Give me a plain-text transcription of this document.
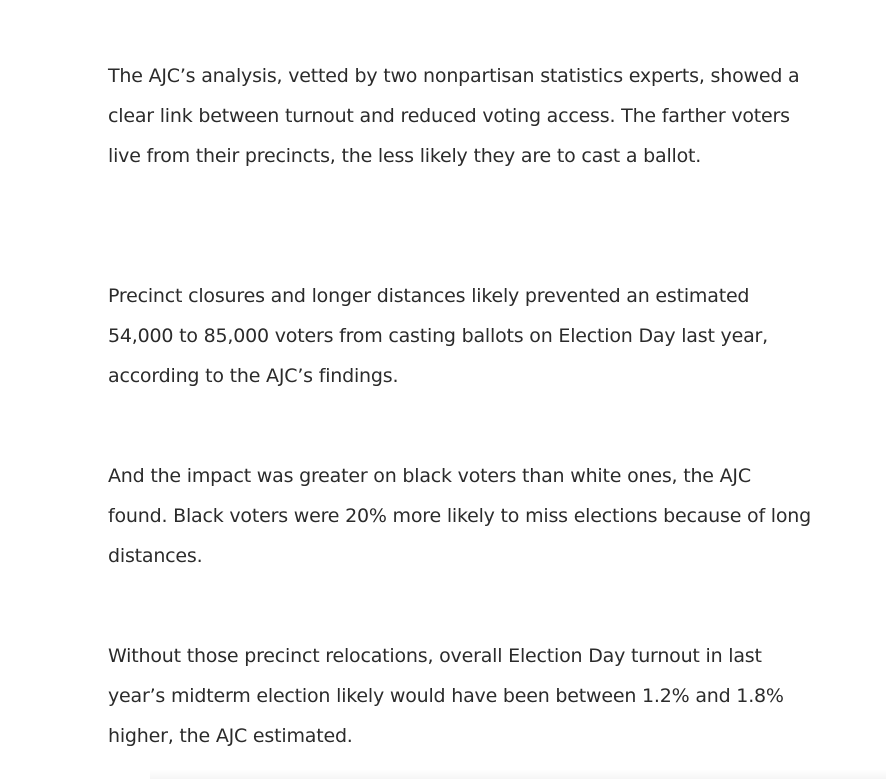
The AJC’s analysis, vetted by two nonpartisan statistics experts, showed a clear link between turnout and reduced voting access. The farther voters live from their precincts, the less likely they are to cast a ballot.

Precinct closures and longer distances likely prevented an estimated 54,000 to 85,000 voters from casting ballots on Election Day last year, according to the AJC’s findings.

And the impact was greater on black voters than white ones, the AJC found. Black voters were 20% more likely to miss elections because of long distances.

Without those precinct relocations, overall Election Day turnout in last year’s midterm election likely would have been between 1.2% and 1.8% higher, the AJC estimated.
